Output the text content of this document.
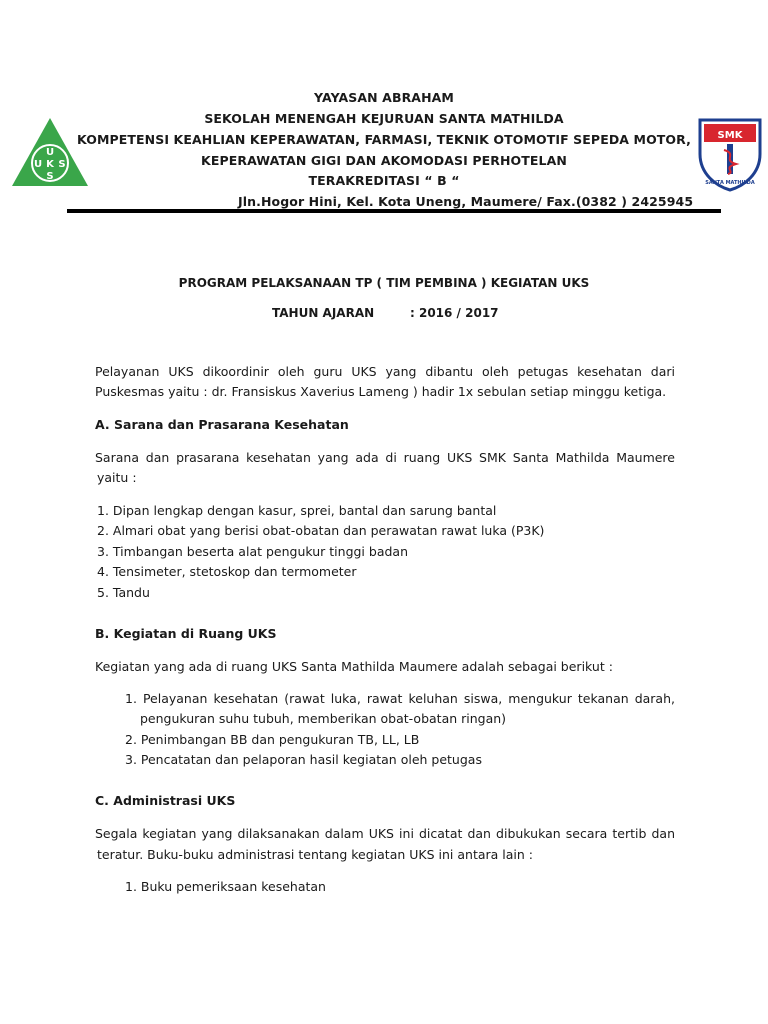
U
K
U S
S
SMK
SANTA MATHILDA
YAYASAN ABRAHAM
SEKOLAH MENENGAH KEJURUAN SANTA MATHILDA
KOMPETENSI KEAHLIAN KEPERAWATAN, FARMASI, TEKNIK OTOMOTIF SEPEDA MOTOR,
KEPERAWATAN GIGI DAN AKOMODASI PERHOTELAN
TERAKREDITASI “ B “
Jln.Hogor Hini, Kel. Kota Uneng, Maumere/ Fax.(0382 ) 2425945
PROGRAM PELAKSANAAN TP ( TIM PEMBINA ) KEGIATAN UKS
TAHUN AJARAN	: 2016 / 2017
Pelayanan UKS dikoordinir oleh guru UKS yang dibantu oleh petugas kesehatan dari
Puskesmas yaitu : dr. Fransiskus Xaverius Lameng ) hadir 1x sebulan setiap minggu ketiga.
A. Sarana dan Prasarana Kesehatan
Sarana dan prasarana kesehatan yang ada di ruang UKS SMK Santa Mathilda Maumere
yaitu :
1. Dipan lengkap dengan kasur, sprei, bantal dan sarung bantal
2. Almari obat yang berisi obat-obatan dan perawatan rawat luka (P3K)
3. Timbangan beserta alat pengukur tinggi badan
4. Tensimeter, stetoskop dan termometer
5. Tandu
B. Kegiatan di Ruang UKS
Kegiatan yang ada di ruang UKS Santa Mathilda Maumere adalah sebagai berikut :
1. Pelayanan kesehatan (rawat luka, rawat keluhan siswa, mengukur tekanan darah,
pengukuran suhu tubuh, memberikan obat-obatan ringan)
2. Penimbangan BB dan pengukuran TB, LL, LB
3. Pencatatan dan pelaporan hasil kegiatan oleh petugas
C. Administrasi UKS
Segala kegiatan yang dilaksanakan dalam UKS ini dicatat dan dibukukan secara tertib dan
teratur. Buku-buku administrasi tentang kegiatan UKS ini antara lain :
1. Buku pemeriksaan kesehatan
